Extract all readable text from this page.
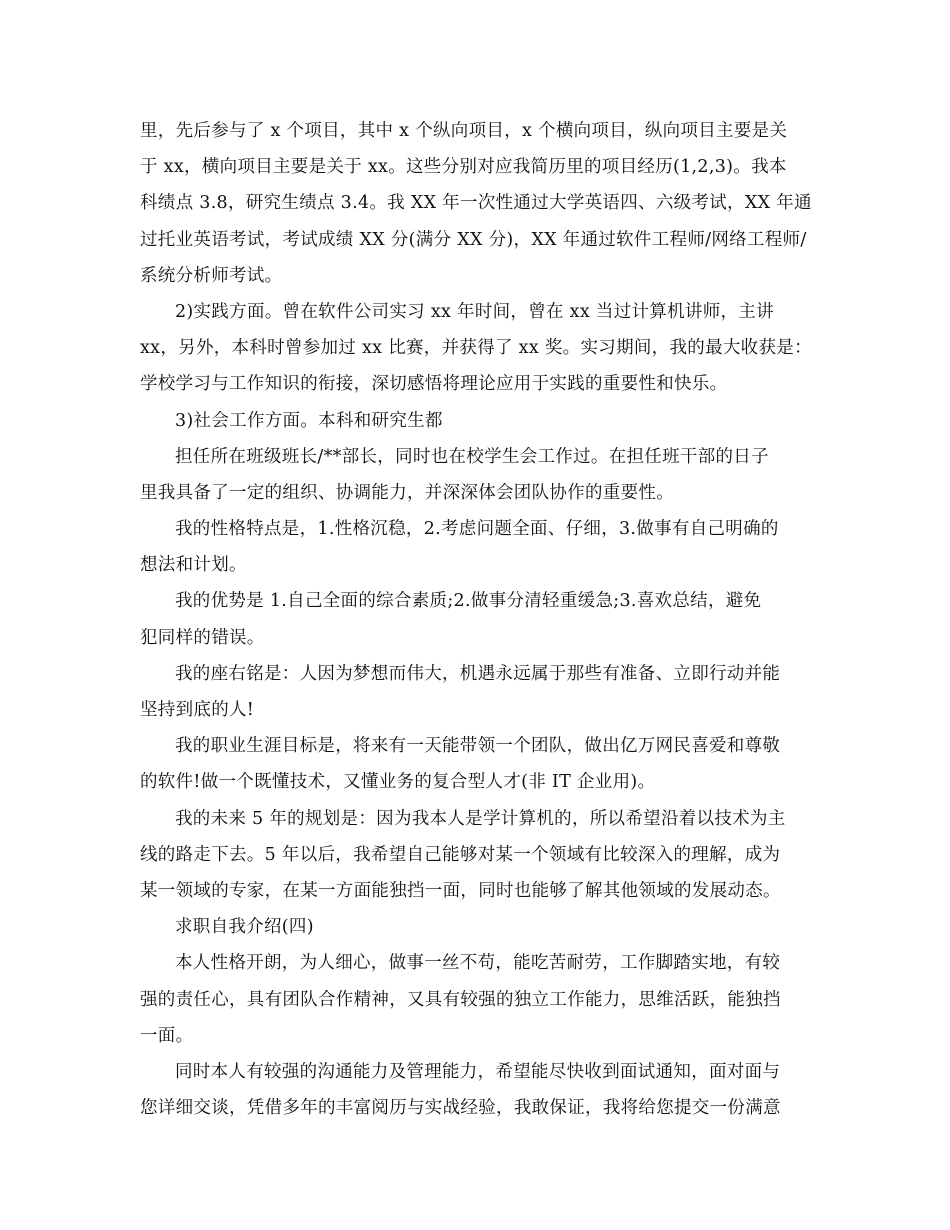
里，先后参与了 x 个项目，其中 x 个纵向项目，x 个横向项目，纵向项目主要是关
于 xx，横向项目主要是关于 xx。这些分别对应我简历里的项目经历(1,2,3)。我本
科绩点 3.8，研究生绩点 3.4。我 XX 年一次性通过大学英语四、六级考试，XX 年通
过托业英语考试，考试成绩 XX 分(满分 XX 分)，XX 年通过软件工程师/网络工程师/
系统分析师考试。
2)实践方面。曾在软件公司实习 xx 年时间，曾在 xx 当过计算机讲师，主讲
xx，另外，本科时曾参加过 xx 比赛，并获得了 xx 奖。实习期间，我的最大收获是：
学校学习与工作知识的衔接，深切感悟将理论应用于实践的重要性和快乐。
3)社会工作方面。本科和研究生都
担任所在班级班长/**部长，同时也在校学生会工作过。在担任班干部的日子
里我具备了一定的组织、协调能力，并深深体会团队协作的重要性。
我的性格特点是，1.性格沉稳，2.考虑问题全面、仔细，3.做事有自己明确的
想法和计划。
我的优势是 1.自己全面的综合素质;2.做事分清轻重缓急;3.喜欢总结，避免
犯同样的错误。
我的座右铭是：人因为梦想而伟大，机遇永远属于那些有准备、立即行动并能
坚持到底的人!
我的职业生涯目标是，将来有一天能带领一个团队，做出亿万网民喜爱和尊敬
的软件!做一个既懂技术，又懂业务的复合型人才(非 IT 企业用)。
我的未来 5 年的规划是：因为我本人是学计算机的，所以希望沿着以技术为主
线的路走下去。5 年以后，我希望自己能够对某一个领域有比较深入的理解，成为
某一领域的专家，在某一方面能独挡一面，同时也能够了解其他领域的发展动态。
求职自我介绍(四)
本人性格开朗，为人细心，做事一丝不苟，能吃苦耐劳，工作脚踏实地，有较
强的责任心，具有团队合作精神，又具有较强的独立工作能力，思维活跃，能独挡
一面。
同时本人有较强的沟通能力及管理能力，希望能尽快收到面试通知，面对面与
您详细交谈，凭借多年的丰富阅历与实战经验，我敢保证，我将给您提交一份满意
